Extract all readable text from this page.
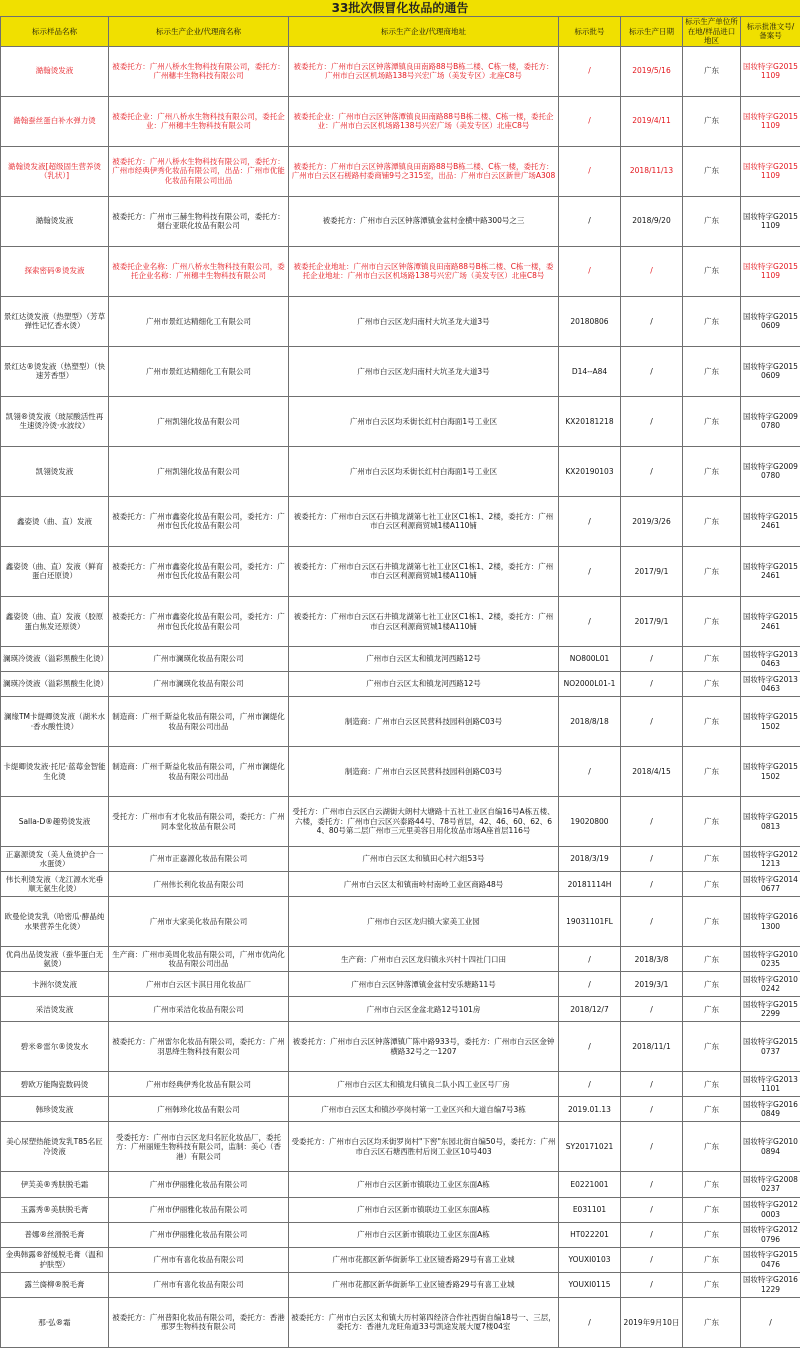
33批次假冒化妆品的通告
标示样品名称	标示生产企业/代理商名称	标示生产企业/代理商地址	标示批号	标示生产日期	标示生产单位所在地/样品进口地区	标示批准文号/备案号
澔翰烫发液	被委托方：广州八桥水生物科技有限公司，委托方：广州穗丰生物科技有限公司	被委托方：广州市白云区钟落潭镇良田南路88号B栋二楼、C栋一楼，委托方：广州市白云区机场路138号兴宏广场（美发专区）北座C8号	/	2019/5/16	广东	国妆特字G20151109
澔翰蚕丝蛋白补水弹力烫	被委托企业：广州八桥水生物科技有限公司，委托企业：广州穗丰生物科技有限公司	被委托企业：广州市白云区钟落潭镇良田南路88号B栋二楼、C栋一楼，委托企业：广州市白云区机场路138号兴宏广场（美发专区）北座C8号	/	2019/4/11	广东	国妆特字G20151109
澔翰烫发液[超级固生营养烫（乳状）]	被委托方：广州八桥水生物科技有限公司，委托方：广州市经典伊秀化妆品有限公司，出品：广州市优能化妆品有限公司出品	被委托方：广州市白云区钟落潭镇良田南路88号B栋二楼、C栋一楼，委托方：广州市白云区石槎路村委商铺9号之315室，出品：广州市白云区新世广场A308	/	2018/11/13	广东	国妆特字G20151109
澔翰烫发液	被委托方：广州市三赫生物科技有限公司，委托方：烟台亚联化妆品有限公司	被委托方：广州市白云区钟落潭镇金盆村金横中路300号之三	/	2018/9/20	广东	国妆特字G20151109
探索密码®烫发液	被委托企业名称：广州八桥水生物科技有限公司，委托企业名称：广州穗丰生物科技有限公司	被委托企业地址：广州市白云区钟落潭镇良田南路88号B栋二楼、C栋一楼，委托企业地址：广州市白云区机场路138号兴宏广场（美发专区）北座C8号	/	/	广东	国妆特字G20151109
景红达烫发液（热塑型）（芳草弹性记忆香水烫）	广州市景红达精细化工有限公司	广州市白云区龙归南村大坑圣龙大道3号	20180806	/	广东	国妆特字G20150609
景红达®烫发液（热塑型）（快速芳香型）	广州市景红达精细化工有限公司	广州市白云区龙归南村大坑圣龙大道3号	D14--A84	/	广东	国妆特字G20150609
凯翎®烫发液（玻尿酸活性再生速烫冷烫·水波纹）	广州凯翎化妆品有限公司	广州市白云区均禾街长红村白海面1号工业区	KX20181218	/	广东	国妆特字G20090780
凯翎烫发液	广州凯翎化妆品有限公司	广州市白云区均禾街长红村白海面1号工业区	KX20190103	/	广东	国妆特字G20090780
鑫姿烫（曲、直）发液	被委托方：广州市鑫姿化妆品有限公司，委托方：广州市包氏化妆品有限公司	被委托方：广州市白云区石井镇龙湖第七社工业区C1栋1、2楼，委托方：广州市白云区利源商贸城1楼A110铺	/	2019/3/26	广东	国妆特字G20152461
鑫姿烫（曲、直）发液（鲜育蛋白还原烫）	被委托方：广州市鑫姿化妆品有限公司，委托方：广州市包氏化妆品有限公司	被委托方：广州市白云区石井镇龙湖第七社工业区C1栋1、2楼，委托方：广州市白云区利源商贸城1楼A110铺	/	2017/9/1	广东	国妆特字G20152461
鑫姿烫（曲、直）发液（胶原蛋白焦发还原烫）	被委托方：广州市鑫姿化妆品有限公司，委托方：广州市包氏化妆品有限公司	被委托方：广州市白云区石井镇龙湖第七社工业区C1栋1、2楼，委托方：广州市白云区利源商贸城1楼A110铺	/	2017/9/1	广东	国妆特字G20152461
澜瑛冷烫液（溢彩黑酸生化烫）	广州市澜瑛化妆品有限公司	广州市白云区太和镇龙河西路12号	NO800L01	/	广东	国妆特字G20130463
澜瑛冷烫液（溢彩黑酸生化烫）	广州市澜瑛化妆品有限公司	广州市白云区太和镇龙河西路12号	NO2000L01-1	/	广东	国妆特字G20130463
澜缘TM卡缇卿烫发液（湖米水·香水酸性烫）	制造商：广州千斯益化妆品有限公司，广州市澜缇化妆品有限公司出品	制造商：广州市白云区民营科技园科创路C03号	2018/8/18	/	广东	国妆特字G20151502
卡缇卿烫发液·托尼·蓝莓金智能生化烫	制造商：广州千斯益化妆品有限公司，广州市澜缇化妆品有限公司出品	制造商：广州市白云区民营科技园科创路C03号	/	2018/4/15	广东	国妆特字G20151502
Salla-D®趣势烫发液	受托方：广州市有才化妆品有限公司，委托方：广州同本堂化妆品有限公司	受托方：广州市白云区白云湖街大朗村大塘路十五社工业区自编16号A栋五楼、六楼，委托方：广州市白云区兴泰路44号、78号首层，42、46、60、62、64、80号第二层广州市三元里美容日用化妆品市场A座首层116号	19020800	/	广东	国妆特字G20150813
正嘉源烫发（美人鱼烫护合一水蛋烫）	广州市正嘉源化妆品有限公司	广州市白云区太和镇田心村六组53号	2018/3/19	/	广东	国妆特字G20121213
伟长利烫发液（龙江源水光垂顺无氨生化烫）	广州伟长利化妆品有限公司	广州市白云区太和镇南岭村南岭工业区商路48号	20181114H	/	广东	国妆特字G20140677
欧曼伦烫发乳（哈密瓜·酵晶纯水果营养生化烫）	广州市大家美化妆品有限公司	广州市白云区龙归镇大家美工业园	19031101FL	/	广东	国妆特字G20161300
优尚出品烫发液（蚕华蛋白无氨烫）	生产商：广州市美周化妆品有限公司，广州市优尚化妆品有限公司出品	生产商：广州市白云区龙归镇永兴村十四社门口田	/	2018/3/8	广东	国妆特字G20100235
卡洲尔烫发液	广州市白云区卡淇日用化妆品厂	广州市白云区钟落潭镇金盆村安乐塘路11号	/	2019/3/1	广东	国妆特字G20100242
采洁烫发液	广州市采洁化妆品有限公司	广州市白云区金盆北路12号101房	2018/12/7	/	广东	国妆特字G20152299
碧米®雷尔®烫发水	被委托方：广州雷尔化妆品有限公司，委托方：广州羽思绛生物科技有限公司	被委托方：广州市白云区钟落潭镇广陈中路933号，委托方：广州市白云区金钟横路32号之一1207	/	2018/11/1	广东	国妆特字G20150737
碧欧万能陶瓷数码烫	广州市经典伊秀化妆品有限公司	广州市白云区太和镇龙归镇良二队小四工业区号厂房	/	/	广东	国妆特字G20131101
韩珍烫发液	广州韩珍化妆品有限公司	广州市白云区太和镇沙亭岗村第一工业区兴和大道自编7号3栋	2019.01.13	/	广东	国妆特字G20160849
美心尿塑热能烫发乳T85名匠冷烫液	受委托方：广州市白云区龙归名匠化妆品厂，委托方：广州丽娅生物科技有限公司，监制：美心（香港）有限公司	受委托方：广州市白云区均禾街罗岗村"下窖"东园北街自编50号，委托方：广州市白云区石塘西胜村后岗工业区10号403	SY20171021	/	广东	国妆特字G20100894
伊芙美®秀肤脱毛霜	广州市伊丽雅化妆品有限公司	广州市白云区新市镇联边工业区东面A栋	E0221001	/	广东	国妆特字G20080237
玉露秀®美肤脱毛膏	广州市伊丽雅化妆品有限公司	广州市白云区新市镇联边工业区东面A栋	E031101	/	广东	国妆特字G20120003
普娜®丝滑脱毛膏	广州市伊丽雅化妆品有限公司	广州市白云区新市镇联边工业区东面A栋	HT022201	/	广东	国妆特字G20120796
金典韩露®舒缓脱毛膏（温和护肤型）	广州市有喜化妆品有限公司	广州市花都区新华街新华工业区镜香路29号有喜工业城	YOUXI0103	/	广东	国妆特字G20150476
露兰旖柳®脱毛膏	广州市有喜化妆品有限公司	广州市花都区新华街新华工业区镜香路29号有喜工业城	YOUXI0115	/	广东	国妆特字G20161229
那·弘®霜	被委托方：广州普阳化妆品有限公司，委托方：香港那罗生物科技有限公司	被委托方：广州市白云区太和镇大历村第四经济合作社西街自编18号一、三层，委托方：香港九龙旺角道33号凯途发展大厦7楼04室	/	2019年9月10日	广东	/
